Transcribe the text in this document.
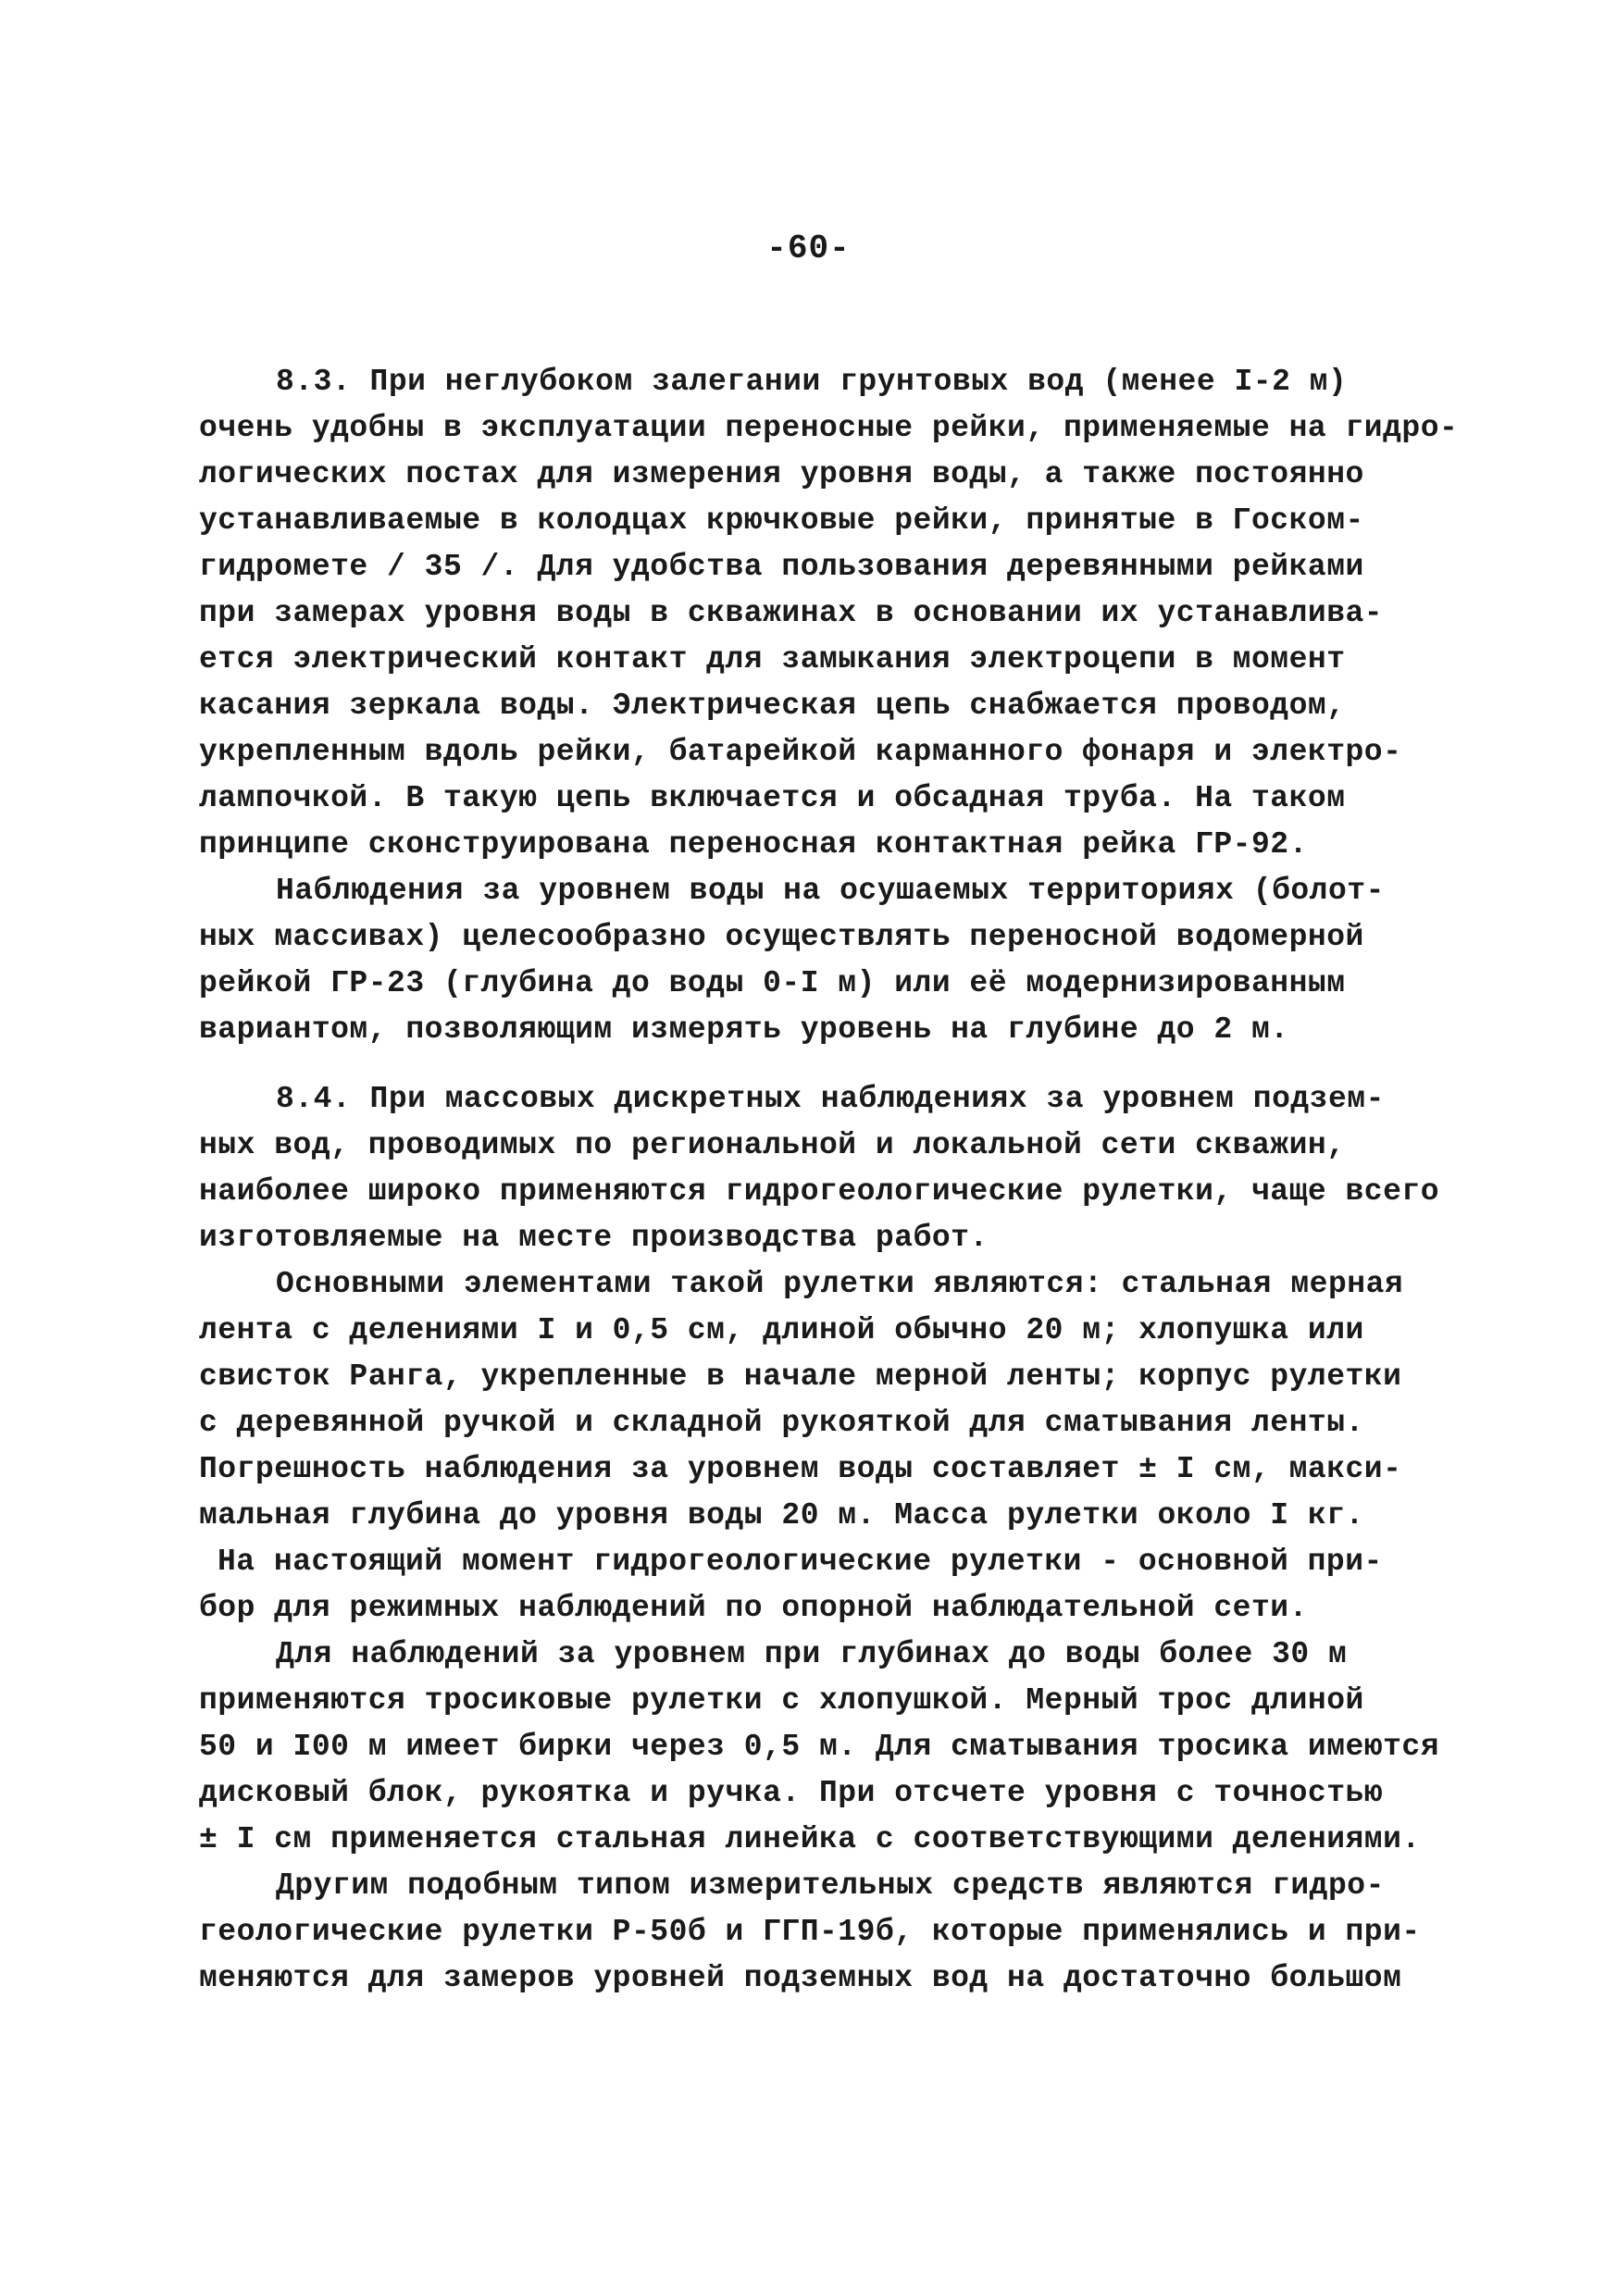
-60-
8.3. При неглубоком залегании грунтовых вод (менее I-2 м)
очень удобны в эксплуатации переносные рейки, применяемые на гидро-
логических постах для измерения уровня воды, а также постоянно
устанавливаемые в колодцах крючковые рейки, принятые в Госком-
гидромете / 35 /. Для удобства пользования деревянными рейками
при замерах уровня воды в скважинах в основании их устанавлива-
ется электрический контакт для замыкания электроцепи в момент
касания зеркала воды. Электрическая цепь снабжается проводом,
укрепленным вдоль рейки, батарейкой карманного фонаря и электро-
лампочкой. В такую цепь включается и обсадная труба. На таком
принципе сконструирована переносная контактная рейка ГР-92.
Наблюдения за уровнем воды на осушаемых территориях (болот-
ных массивах) целесообразно осуществлять переносной водомерной
рейкой ГР-23 (глубина до воды 0-I м) или её модернизированным
вариантом, позволяющим измерять уровень на глубине до 2 м.
8.4. При массовых дискретных наблюдениях за уровнем подзем-
ных вод, проводимых по региональной и локальной сети скважин,
наиболее широко применяются гидрогеологические рулетки, чаще всего
изготовляемые на месте производства работ.
Основными элементами такой рулетки являются: стальная мерная
лента с делениями I и 0,5 см, длиной обычно 20 м; хлопушка или
свисток Ранга, укрепленные в начале мерной ленты; корпус рулетки
с деревянной ручкой и складной рукояткой для сматывания ленты.
Погрешность наблюдения за уровнем воды составляет ± I см, макси-
мальная глубина до уровня воды 20 м. Масса рулетки около I кг.
На настоящий момент гидрогеологические рулетки - основной при-
бор для режимных наблюдений по опорной наблюдательной сети.
Для наблюдений за уровнем при глубинах до воды более 30 м
применяются тросиковые рулетки с хлопушкой. Мерный трос длиной
50 и I00 м имеет бирки через 0,5 м. Для сматывания тросика имеются
дисковый блок, рукоятка и ручка. При отсчете уровня с точностью
± I см применяется стальная линейка с соответствующими делениями.
Другим подобным типом измерительных средств являются гидро-
геологические рулетки Р-50б и ГГП-19б, которые применялись и при-
меняются для замеров уровней подземных вод на достаточно большом
